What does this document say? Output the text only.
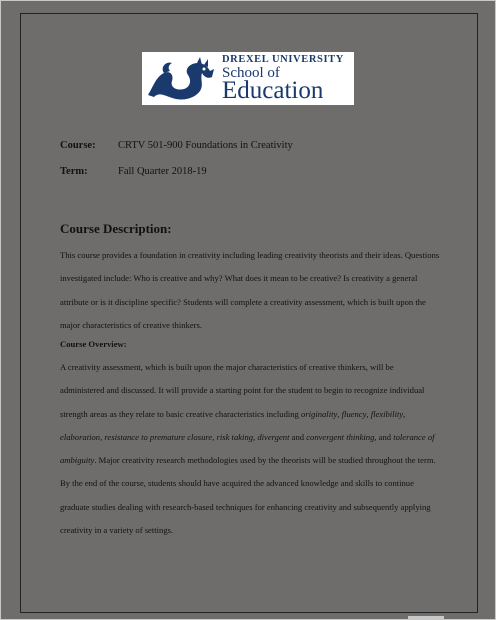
DREXEL UNIVERSITY
School of
Education
Course: CRTV 501-900 Foundations in Creativity
Term:	Fall Quarter 2018-19
Course Description:
This course provides a foundation in creativity including leading creativity theorists and their ideas. Questions investigated include: Who is creative and why? What does it mean to be creative? Is creativity a general attribute or is it discipline specific? Students will complete a creativity assessment, which is built upon the major characteristics of creative thinkers.
Course Overview:
A creativity assessment, which is built upon the major characteristics of creative thinkers, will be administered and discussed. It will provide a starting point for the student to begin to recognize individual strength areas as they relate to basic creative characteristics including originality, fluency, flexibility, elaboration, resistance to premature closure, risk taking, divergent and convergent thinking, and tolerance of ambiguity. Major creativity research methodologies used by the theorists will be studied throughout the term. By the end of the course, students should have acquired the advanced knowledge and skills to continue graduate studies dealing with research-based techniques for enhancing creativity and subsequently applying creativity in a variety of settings.
